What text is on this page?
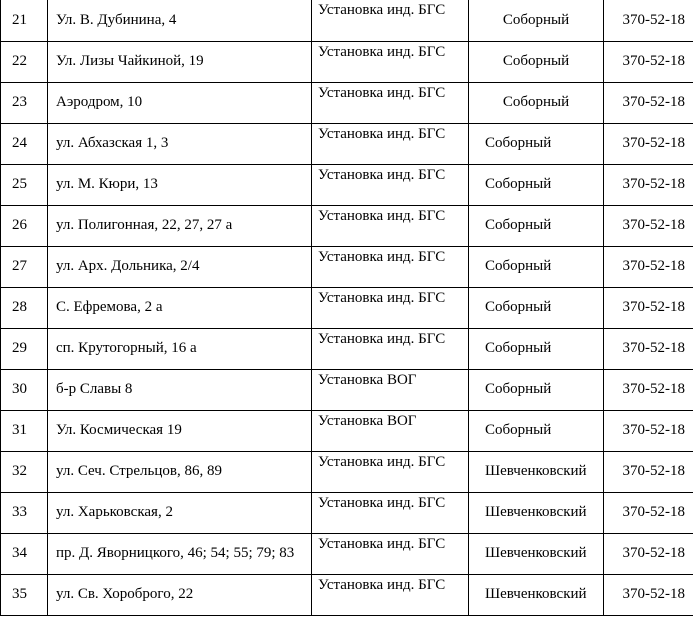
21	Ул. В. Дубинина, 4	Установка инд. БГС	Соборный	370-52-18
22	Ул. Лизы Чайкиной, 19	Установка инд. БГС	Соборный	370-52-18
23	Аэродром, 10	Установка инд. БГС	Соборный	370-52-18
24	ул. Абхазская 1, 3	Установка инд. БГС	Соборный	370-52-18
25	ул. М. Кюри, 13	Установка инд. БГС	Соборный	370-52-18
26	ул. Полигонная, 22, 27, 27 а	Установка инд. БГС	Соборный	370-52-18
27	ул. Арх. Дольника, 2/4	Установка инд. БГС	Соборный	370-52-18
28	С. Ефремова, 2 а	Установка инд. БГС	Соборный	370-52-18
29	сп. Крутогорный, 16 а	Установка инд. БГС	Соборный	370-52-18
30	б-р Славы 8	Установка ВОГ	Соборный	370-52-18
31	Ул. Космическая 19	Установка ВОГ	Соборный	370-52-18
32	ул. Сеч. Стрельцов, 86, 89	Установка инд. БГС	Шевченковский	370-52-18
33	ул. Харьковская, 2	Установка инд. БГС	Шевченковский	370-52-18
34	пр. Д. Яворницкого, 46; 54; 55; 79; 83	Установка инд. БГС	Шевченковский	370-52-18
35	ул. Св. Хороброго, 22	Установка инд. БГС	Шевченковский	370-52-18
